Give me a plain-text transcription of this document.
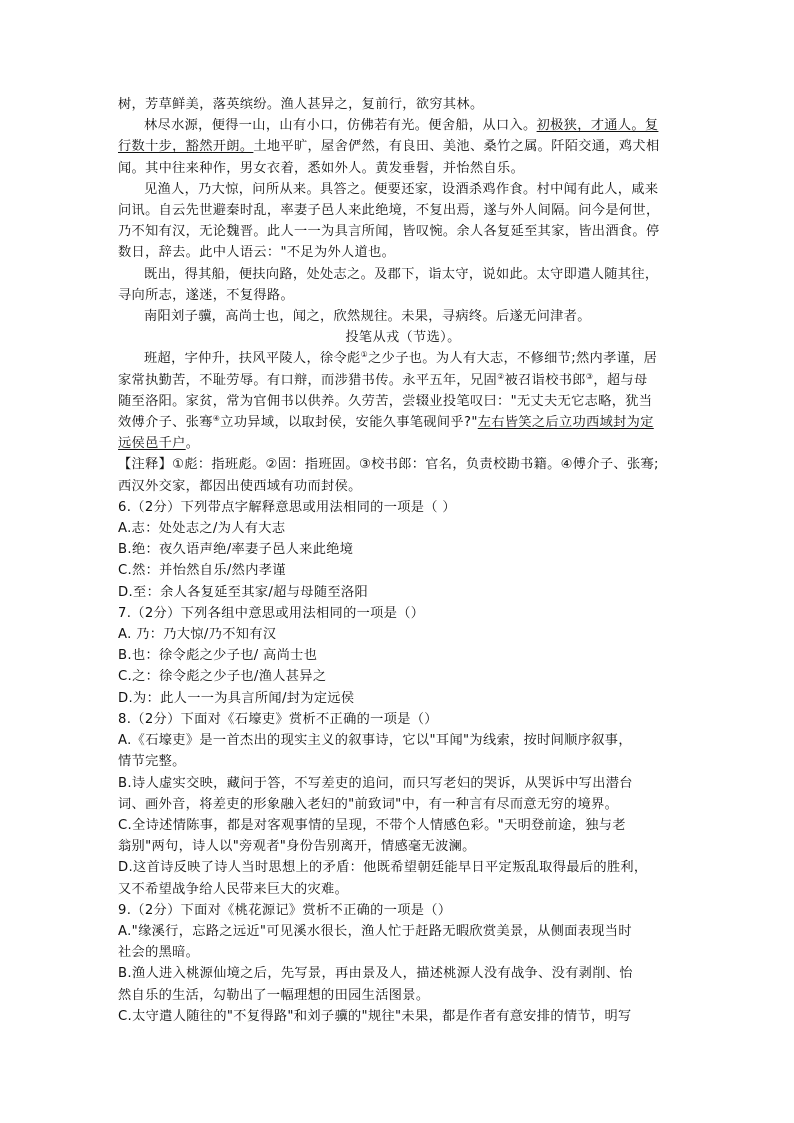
树，芳草鲜美，落英缤纷。渔人甚异之，复前行，欲穷其林。
林尽水源，便得一山，山有小口，仿佛若有光。便舍船，从口入。初极狭，才通人。复
行数十步，豁然开朗。土地平旷，屋舍俨然，有良田、美池、桑竹之属。阡陌交通，鸡犬相
闻。其中往来种作，男女衣着，悉如外人。黄发垂髫，并怡然自乐。
见渔人，乃大惊，问所从来。具答之。便要还家，设酒杀鸡作食。村中闻有此人，咸来
问讯。自云先世避秦时乱，率妻子邑人来此绝境，不复出焉，遂与外人间隔。问今是何世，
乃不知有汉，无论魏晋。此人一一为具言所闻，皆叹惋。余人各复延至其家，皆出酒食。停
数日，辞去。此中人语云："不足为外人道也。
既出，得其船，便扶向路，处处志之。及郡下，诣太守，说如此。太守即遣人随其往，
寻向所志，遂迷，不复得路。
南阳刘子骥，高尚士也，闻之，欣然规往。未果，寻病终。后遂无问津者。
投笔从戎（节选）。
班超，字仲升，扶风平陵人，徐令彪①之少子也。为人有大志，不修细节;然内孝谨，居
家常执勤苦，不耻劳辱。有口辩，而涉猎书传。永平五年，兄固②被召诣校书郎③，超与母
随至洛阳。家贫，常为官佣书以供养。久劳苦，尝辍业投笔叹曰："无丈夫无它志略，犹当
效傅介子、张骞④立功异域，以取封侯，安能久事笔砚间乎?"左右皆笑之后立功西域封为定
远侯邑千户。
【注释】①彪：指班彪。②固：指班固。③校书郎：官名，负责校勘书籍。④傅介子、张骞;
西汉外交家，都因出使西域有功而封侯。
6.（2分）下列带点字解释意思或用法相同的一项是（ ）
A.志：处处志之/为人有大志
B.绝：夜久语声绝/率妻子邑人来此绝境
C.然：并怡然自乐/然内孝谨
D.至：余人各复延至其家/超与母随至洛阳
7.（2分）下列各组中意思或用法相同的一项是（）
A. 乃：乃大惊/乃不知有汉
B.也：徐令彪之少子也/ 高尚士也
C.之：徐令彪之少子也/渔人甚异之
D.为：此人一一为具言所闻/封为定远侯
8.（2分）下面对《石壕吏》赏析不正确的一项是（）
A.《石壕吏》是一首杰出的现实主义的叙事诗，它以"耳闻"为线索，按时间顺序叙事，
情节完整。
B.诗人虚实交映，藏问于答，不写差吏的追问，而只写老妇的哭诉，从哭诉中写出潜台
词、画外音，将差吏的形象融入老妇的"前致词"中，有一种言有尽而意无穷的境界。
C.全诗述情陈事，都是对客观事情的呈现，不带个人情感色彩。"天明登前途，独与老
翁别"两句，诗人以"旁观者"身份告别离开，情感毫无波澜。
D.这首诗反映了诗人当时思想上的矛盾：他既希望朝廷能早日平定叛乱取得最后的胜利，
又不希望战争给人民带来巨大的灾难。
9.（2分）下面对《桃花源记》赏析不正确的一项是（）
A."缘溪行，忘路之远近"可见溪水很长，渔人忙于赶路无暇欣赏美景，从侧面表现当时
社会的黑暗。
B.渔人进入桃源仙境之后，先写景，再由景及人，描述桃源人没有战争、没有剥削、怡
然自乐的生活，勾勒出了一幅理想的田园生活图景。
C.太守遣人随往的"不复得路"和刘子骥的"规往"未果，都是作者有意安排的情节，明写
